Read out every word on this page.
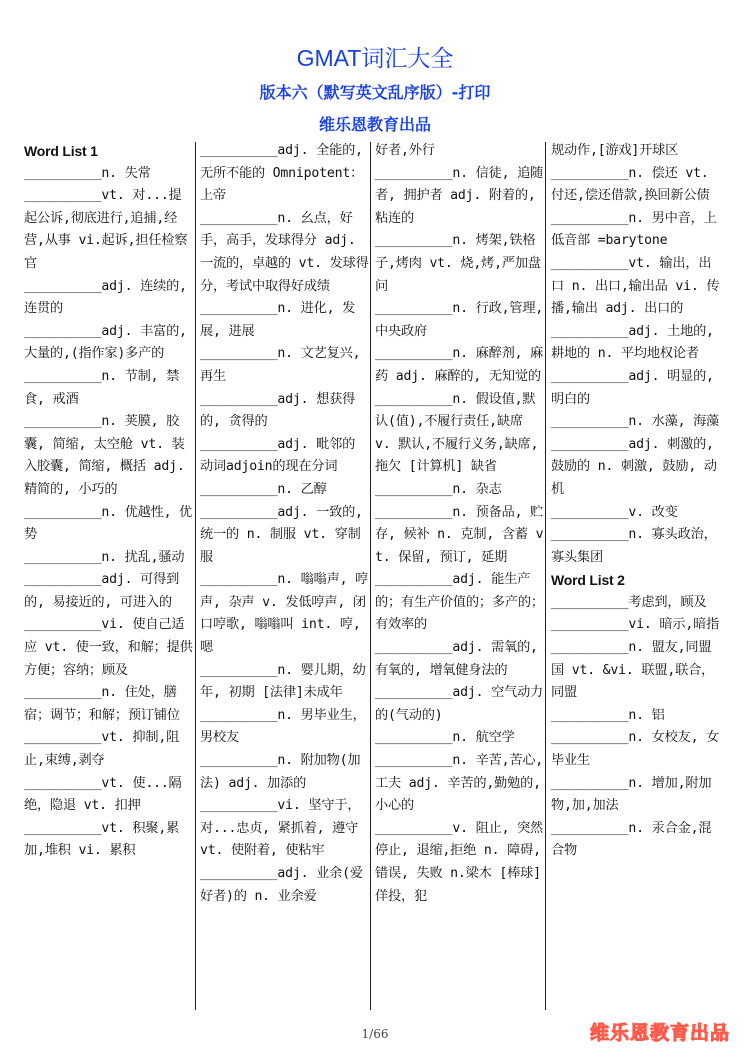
GMAT词汇大全
版本六（默写英文乱序版）-打印
维乐恩教育出品
Word List 1
__________n. 失常
__________vt. 对...提起公诉,彻底进行,追捕,经营,从事 vi.起诉,担任检察官
__________adj. 连续的,连贯的
__________adj. 丰富的, 大量的,(指作家)多产的
__________n. 节制, 禁食, 戒酒
__________n. 荚膜, 胶囊, 简缩, 太空舱 vt. 装入胶囊, 简缩, 概括 adj. 精简的, 小巧的
__________n. 优越性, 优势
__________n. 扰乱,骚动
__________adj. 可得到的, 易接近的, 可进入的
__________vi. 使自己适应 vt. 使一致，和解；提供方便；容纳；顾及
__________n. 住处，膳宿；调节；和解；预订铺位
__________vt. 抑制,阻止,束缚,剥夺
__________vt. 使...隔绝，隐退 vt. 扣押
__________vt. 积聚,累加,堆积 vi. 累积
__________adj. 全能的, 无所不能的 Omnipotent：上帝
__________n. 幺点，好手，高手，发球得分 adj. 一流的，卓越的 vt. 发球得分，考试中取得好成绩
__________n. 进化, 发展, 进展
__________n. 文艺复兴,再生
__________adj. 想获得的, 贪得的
__________adj. 毗邻的 动词adjoin的现在分词
__________n. 乙醇
__________adj. 一致的,统一的 n. 制服 vt. 穿制服
__________n. 嗡嗡声, 哼声, 杂声 v. 发低哼声, 闭口哼歌, 嗡嗡叫 int. 哼, 嗯
__________n. 婴儿期，幼年, 初期 [法律]未成年
__________n. 男毕业生，男校友
__________n. 附加物(加法) adj. 加添的
__________vi. 坚守于，对...忠贞, 紧抓着, 遵守 vt. 使附着, 使粘牢
__________adj. 业余(爱好者)的 n. 业余爱
好者,外行
__________n. 信徒, 追随者, 拥护者 adj. 附着的, 粘连的
__________n. 烤架,铁格子,烤肉 vt. 烧,烤,严加盘问
__________n. 行政,管理,中央政府
__________n. 麻醉剂, 麻药 adj. 麻醉的, 无知觉的
__________n. 假设值,默认(值),不履行责任,缺席 v. 默认,不履行义务,缺席,拖欠 [计算机] 缺省
__________n. 杂志
__________n. 预备品, 贮存, 候补 n. 克制, 含蓄 vt. 保留, 预订, 延期
__________adj. 能生产的；有生产价值的；多产的；有效率的
__________adj. 需氧的, 有氧的, 增氧健身法的
__________adj. 空气动力的(气动的)
__________n. 航空学
__________n. 辛苦,苦心,工夫 adj. 辛苦的,勤勉的,小心的
__________v. 阻止, 突然停止, 退缩,拒绝 n. 障碍, 错误, 失败 n.梁木 [棒球]佯投，犯
规动作,[游戏]开球区
__________n. 偿还 vt. 付还,偿还借款,换回新公债
__________n. 男中音，上低音部 =barytone
__________vt. 输出，出口 n. 出口,输出品 vi. 传播,输出 adj. 出口的
__________adj. 土地的, 耕地的 n. 平均地权论者
__________adj. 明显的, 明白的
__________n. 水藻, 海藻
__________adj. 刺激的, 鼓励的 n. 刺激, 鼓励, 动机
__________v. 改变
__________n. 寡头政治，寡头集团
Word List 2
__________考虑到，顾及
__________vi. 暗示,暗指
__________n. 盟友,同盟国 vt. &vi. 联盟,联合，同盟
__________n. 铝
__________n. 女校友, 女毕业生
__________n. 增加,附加物,加,加法
__________n. 汞合金,混合物
1/66	维乐恩教育出品
